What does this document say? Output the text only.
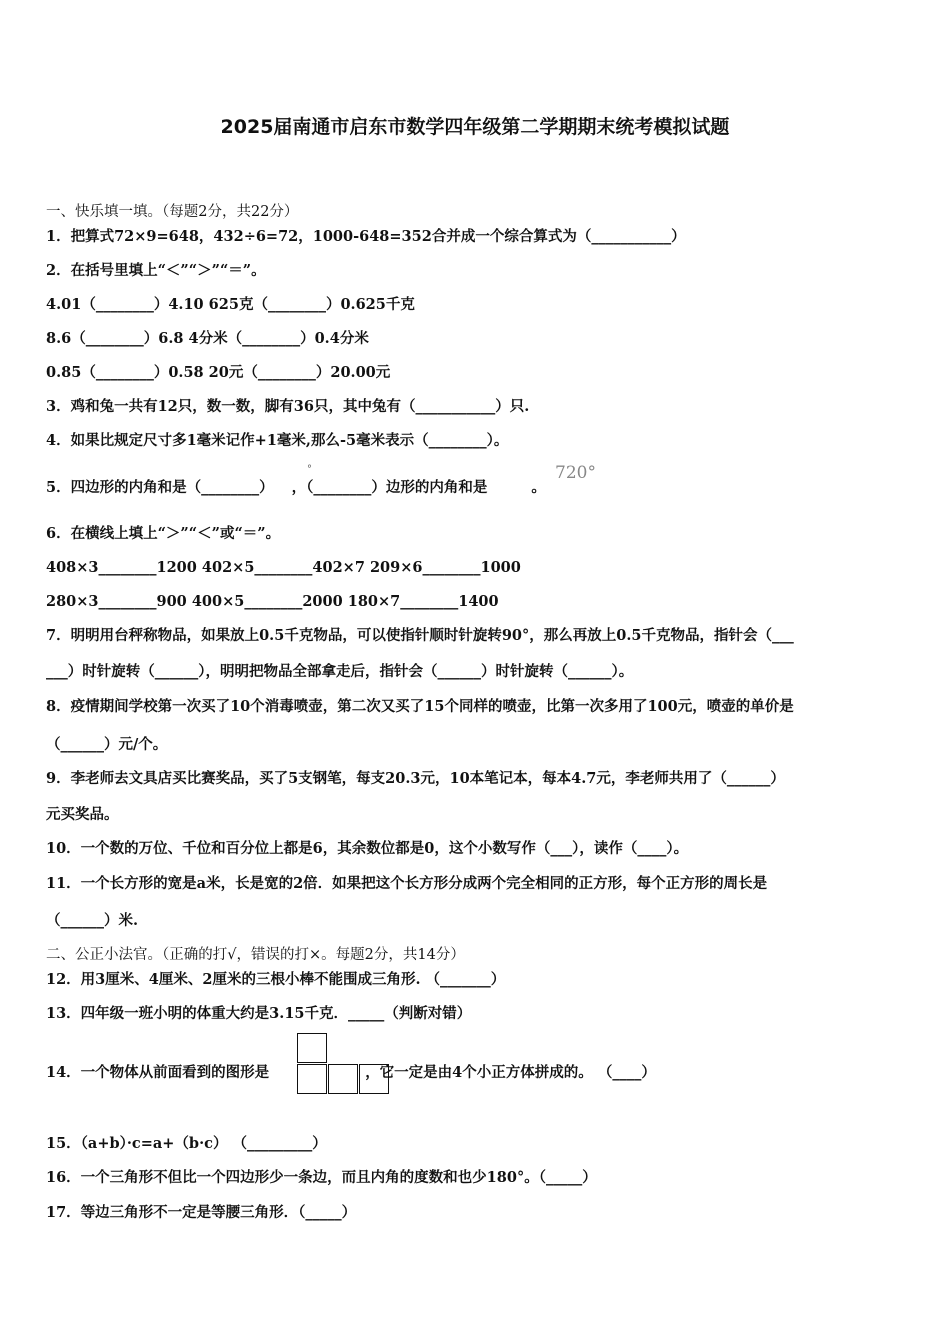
2025届南通市启东市数学四年级第二学期期末统考模拟试题
一、快乐填一填。（每题2分，共22分）
1．把算式72×9=648，432÷6=72，1000-648=352合并成一个综合算式为（___________）
2．在括号里填上“＜”“＞”“＝”。
4.01（________）4.10 625克（________）0.625千克
8.6（________）6.8 4分米（________）0.4分米
0.85（________）0.58 20元（________）20.00元
3．鸡和兔一共有12只，数一数，脚有36只，其中兔有（___________）只.
4．如果比规定尺寸多1毫米记作+1毫米,那么-5毫米表示（________）。
5．四边形的内角和是（________） ，（________）边形的内角和是	。
°	720°
6．在横线上填上“＞”“＜”或“＝”。
408×3________1200 402×5________402×7 209×6________1000
280×3________900 400×5________2000 180×7________1400
7．明明用台秤称物品，如果放上0.5千克物品，可以使指针顺时针旋转90°，那么再放上0.5千克物品，指针会（___
___）时针旋转（______），明明把物品全部拿走后，指针会（______）时针旋转（______）。
8．疫情期间学校第一次买了10个消毒喷壶，第二次又买了15个同样的喷壶，比第一次多用了100元，喷壶的单价是
（______）元/个。
9．李老师去文具店买比赛奖品，买了5支钢笔，每支20.3元，10本笔记本，每本4.7元，李老师共用了（______）
元买奖品。
10．一个数的万位、千位和百分位上都是6，其余数位都是0，这个小数写作（___），读作（____）。
11．一个长方形的宽是a米，长是宽的2倍．如果把这个长方形分成两个完全相同的正方形，每个正方形的周长是
（______）米.
二、公正小法官。（正确的打√，错误的打×。每题2分，共14分）
12．用3厘米、4厘米、2厘米的三根小棒不能围成三角形. （_______）
13．四年级一班小明的体重大约是3.15千克．_____（判断对错）
14．一个物体从前面看到的图形是	，它一定是由4个小正方体拼成的。 （____）
15．（a+b）·c=a+（b·c） （_________）
16．一个三角形不但比一个四边形少一条边，而且内角的度数和也少180°。（_____）
17．等边三角形不一定是等腰三角形．（_____）
